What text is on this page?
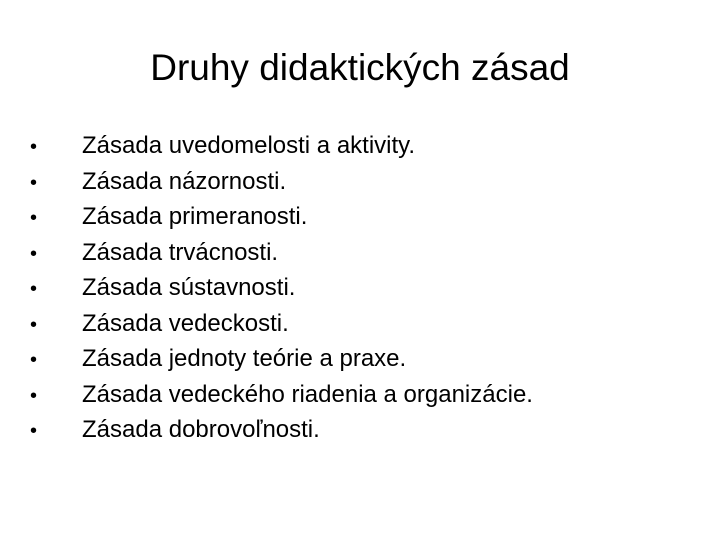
Druhy didaktických zásad
•	Zásada uvedomelosti a aktivity.
•	Zásada názornosti.
•	Zásada primeranosti.
•	Zásada trvácnosti.
•	Zásada sústavnosti.
•	Zásada vedeckosti.
•	Zásada jednoty teórie a praxe.
•	Zásada vedeckého riadenia a organizácie.
•	Zásada dobrovoľnosti.
